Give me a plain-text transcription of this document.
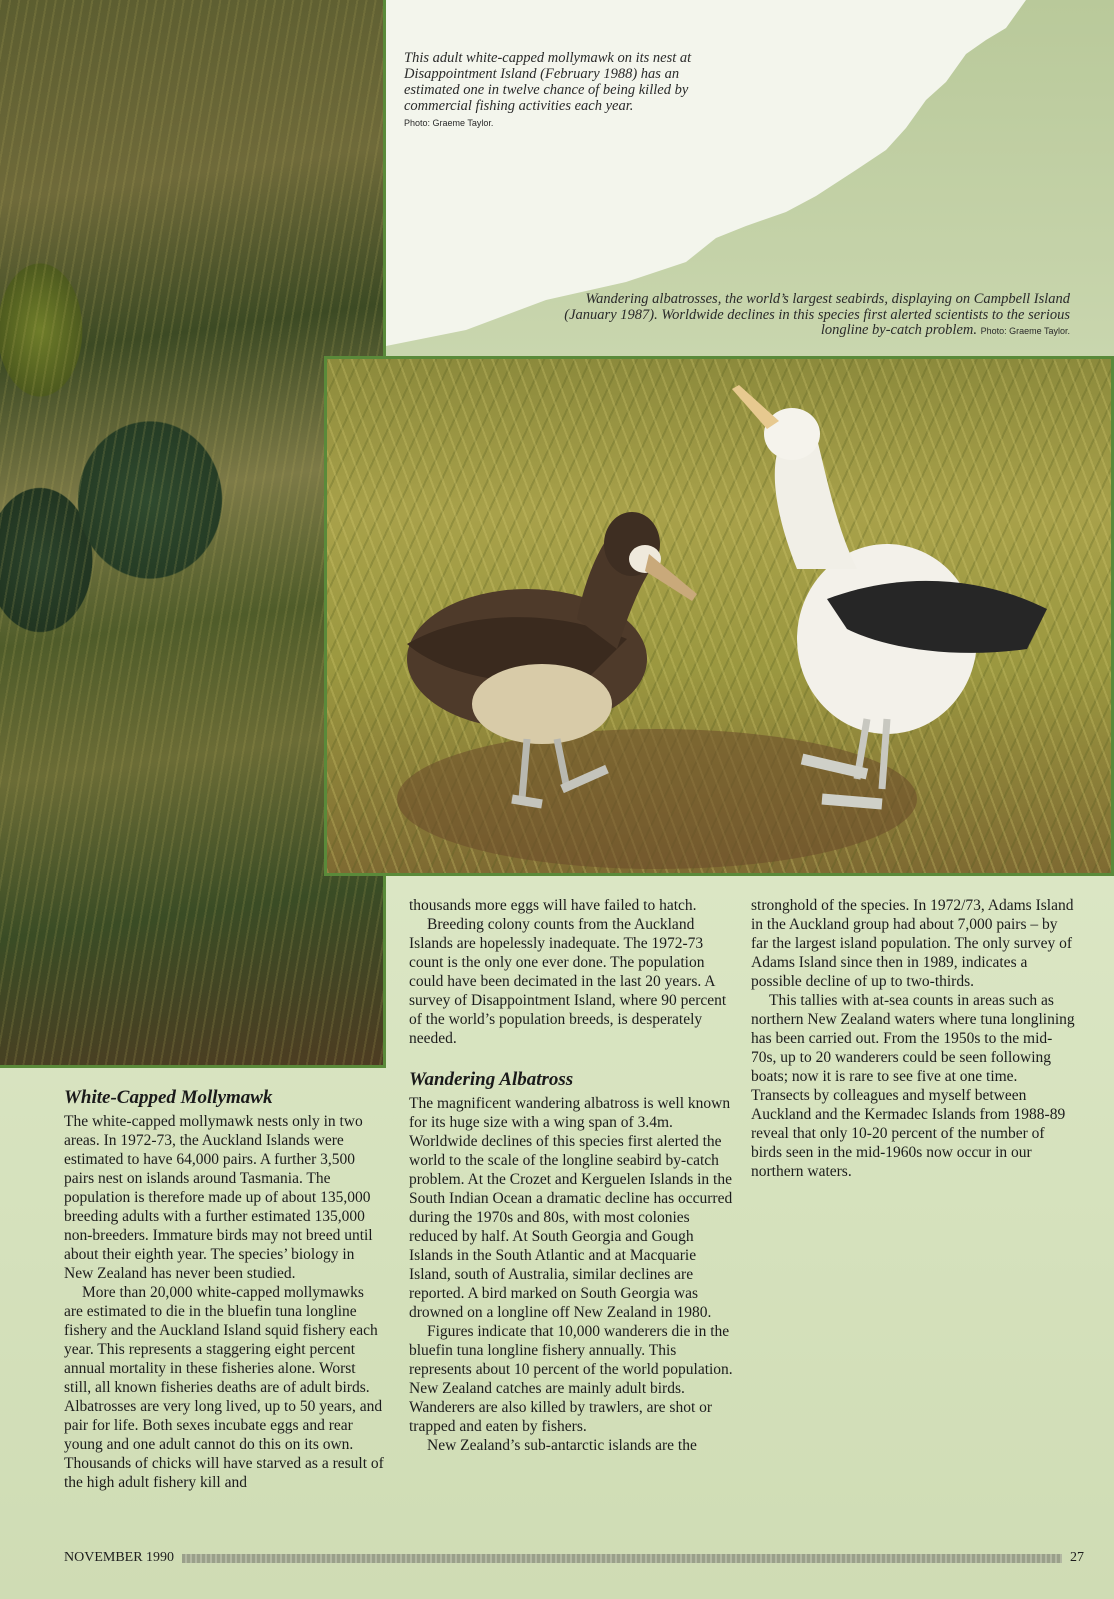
This adult white-capped mollymawk on its nest at Disappointment Island (February 1988) has an estimated one in twelve chance of being killed by commercial fishing activities each year.
Photo: Graeme Taylor.
Wandering albatrosses, the world’s largest seabirds, displaying on Campbell Island (January 1987). Worldwide declines in this species first alerted scientists to the serious longline by-catch problem. Photo: Graeme Taylor.
White-Capped Mollymawk

The white-capped mollymawk nests only in two areas. In 1972-73, the Auckland Islands were estimated to have 64,000 pairs. A further 3,500 pairs nest on islands around Tasmania. The population is therefore made up of about 135,000 breeding adults with a further estimated 135,000 non-breeders. Immature birds may not breed until about their eighth year. The species’ biology in New Zealand has never been studied.

More than 20,000 white-capped mollymawks are estimated to die in the bluefin tuna longline fishery and the Auckland Island squid fishery each year. This represents a staggering eight percent annual mortality in these fisheries alone. Worst still, all known fisheries deaths are of adult birds. Albatrosses are very long lived, up to 50 years, and pair for life. Both sexes incubate eggs and rear young and one adult cannot do this on its own. Thousands of chicks will have starved as a result of the high adult fishery kill and

thousands more eggs will have failed to hatch.

Breeding colony counts from the Auckland Islands are hopelessly inadequate. The 1972-73 count is the only one ever done. The population could have been decimated in the last 20 years. A survey of Disappointment Island, where 90 percent of the world’s population breeds, is desperately needed.

Wandering Albatross

The magnificent wandering albatross is well known for its huge size with a wing span of 3.4m. Worldwide declines of this species first alerted the world to the scale of the longline seabird by-catch problem. At the Crozet and Kerguelen Islands in the South Indian Ocean a dramatic decline has occurred during the 1970s and 80s, with most colonies reduced by half. At South Georgia and Gough Islands in the South Atlantic and at Macquarie Island, south of Australia, similar declines are reported. A bird marked on South Georgia was drowned on a longline off New Zealand in 1980.

Figures indicate that 10,000 wanderers die in the bluefin tuna longline fishery annually. This represents about 10 percent of the world population. New Zealand catches are mainly adult birds. Wanderers are also killed by trawlers, are shot or trapped and eaten by fishers.

New Zealand’s sub-antarctic islands are the

stronghold of the species. In 1972/73, Adams Island in the Auckland group had about 7,000 pairs – by far the largest island population. The only survey of Adams Island since then in 1989, indicates a possible decline of up to two-thirds.

This tallies with at-sea counts in areas such as northern New Zealand waters where tuna longlining has been carried out. From the 1950s to the mid-70s, up to 20 wanderers could be seen following boats; now it is rare to see five at one time. Transects by colleagues and myself between Auckland and the Kermadec Islands from 1988-89 reveal that only 10-20 percent of the number of birds seen in the mid-1960s now occur in our northern waters.

NOVEMBER 1990	27
